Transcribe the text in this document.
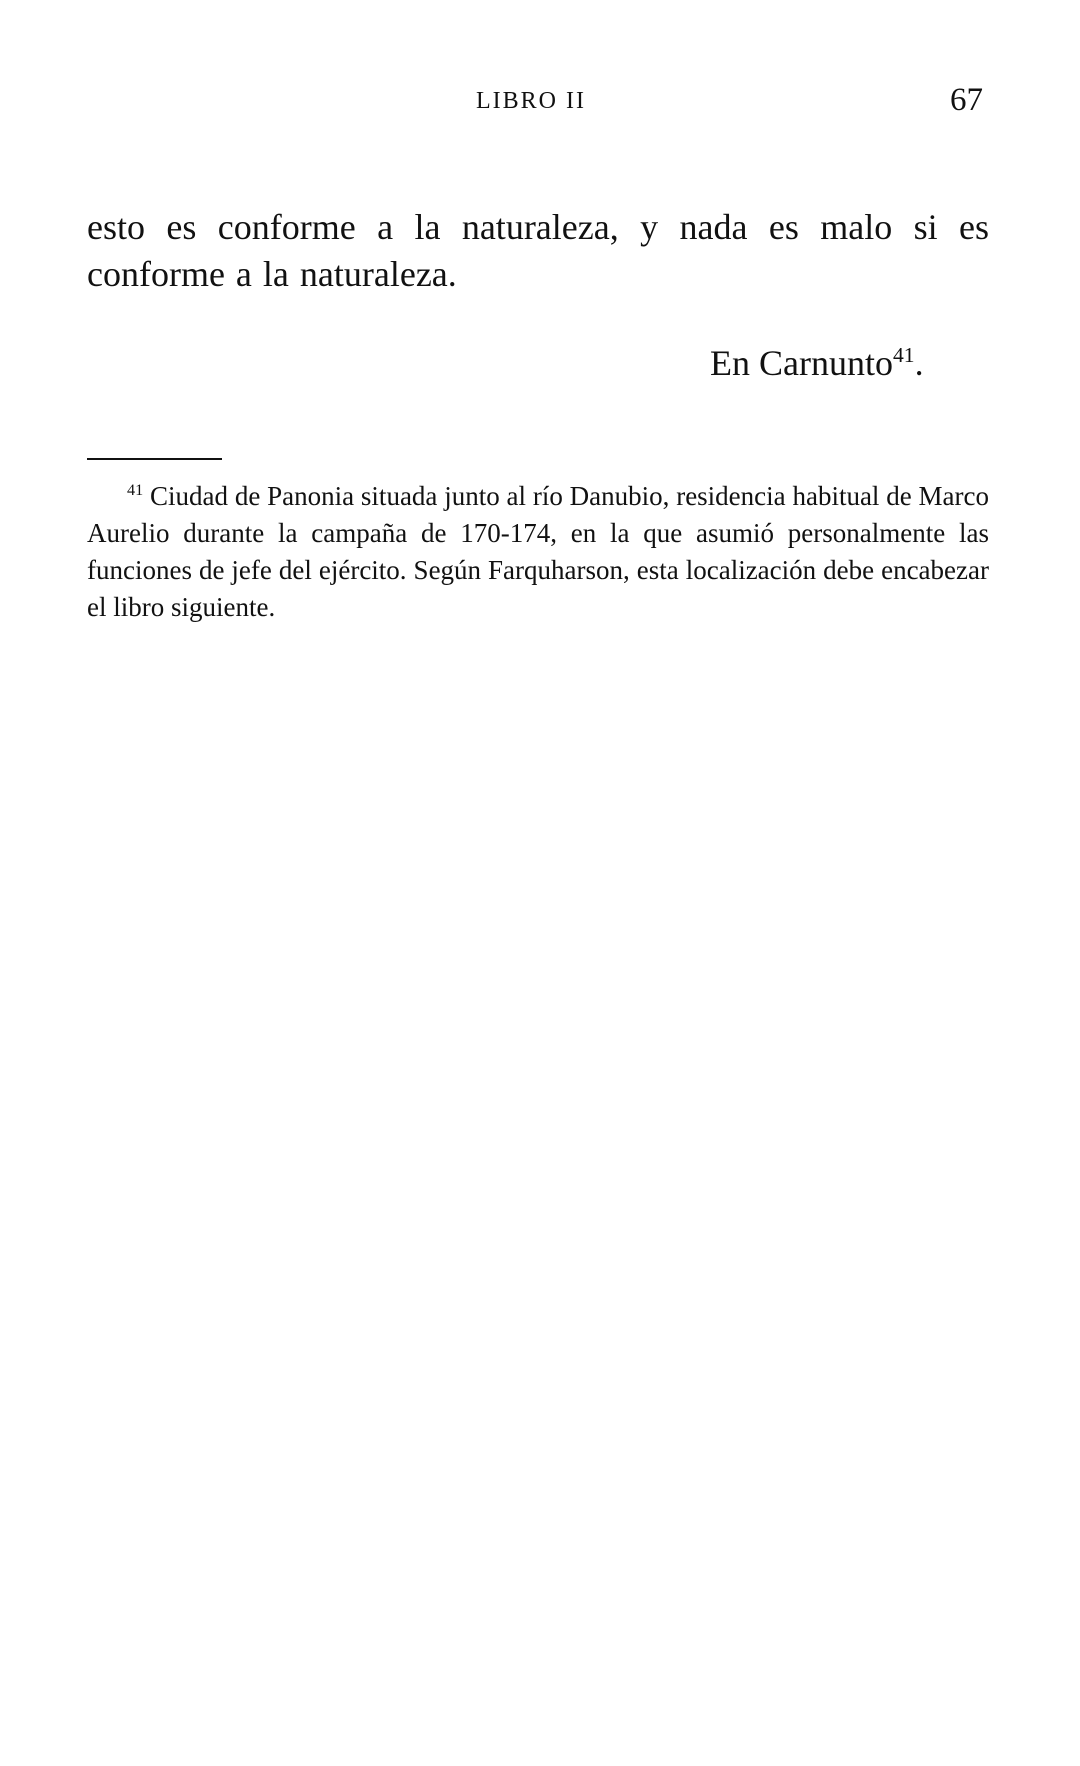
LIBRO II	67

esto es conforme a la naturaleza, y nada es malo si es conforme a la naturaleza.

En Carnunto$^{41}$.

$^{41}$ Ciudad de Panonia situada junto al río Danubio, residencia habitual de Marco Aurelio durante la campaña de 170-174, en la que asumió personalmente las funciones de jefe del ejército. Según Farquharson, esta localización debe encabezar el libro siguiente.
